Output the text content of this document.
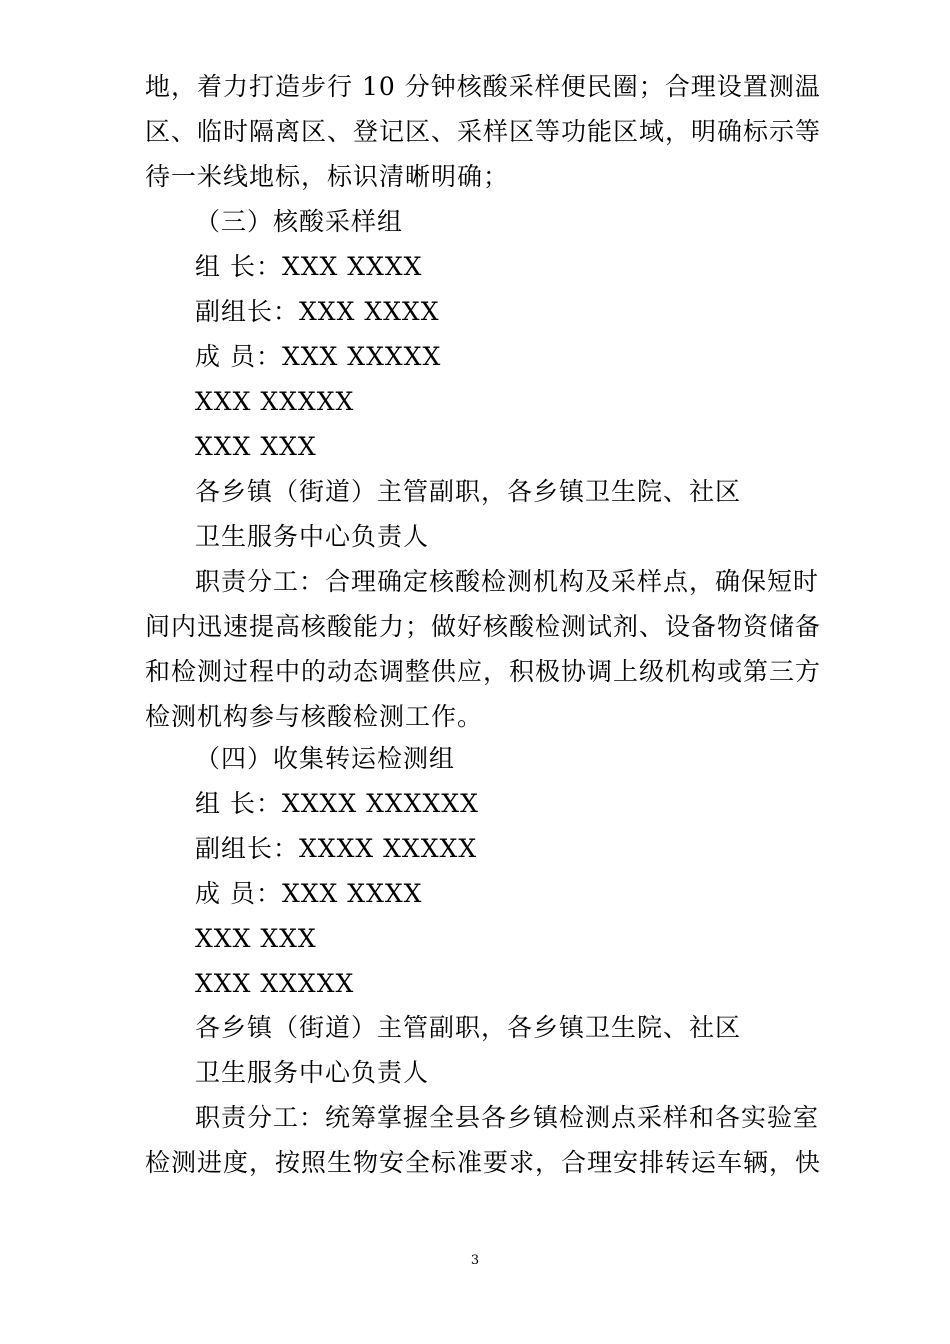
地，着力打造步行 10 分钟核酸采样便民圈；合理设置测温
区、临时隔离区、登记区、采样区等功能区域，明确标示等
待一米线地标，标识清晰明确；
（三）核酸采样组
组 长：XXX XXXX
副组长：XXX XXXX
成 员：XXX XXXXX
XXX XXXXX
XXX XXX
各乡镇（街道）主管副职，各乡镇卫生院、社区
卫生服务中心负责人
职责分工：合理确定核酸检测机构及采样点，确保短时
间内迅速提高核酸能力；做好核酸检测试剂、设备物资储备
和检测过程中的动态调整供应，积极协调上级机构或第三方
检测机构参与核酸检测工作。
（四）收集转运检测组
组 长：XXXX XXXXXX
副组长：XXXX XXXXX
成 员：XXX XXXX
XXX XXX
XXX XXXXX
各乡镇（街道）主管副职，各乡镇卫生院、社区
卫生服务中心负责人
职责分工：统筹掌握全县各乡镇检测点采样和各实验室
检测进度，按照生物安全标准要求，合理安排转运车辆，快
3
